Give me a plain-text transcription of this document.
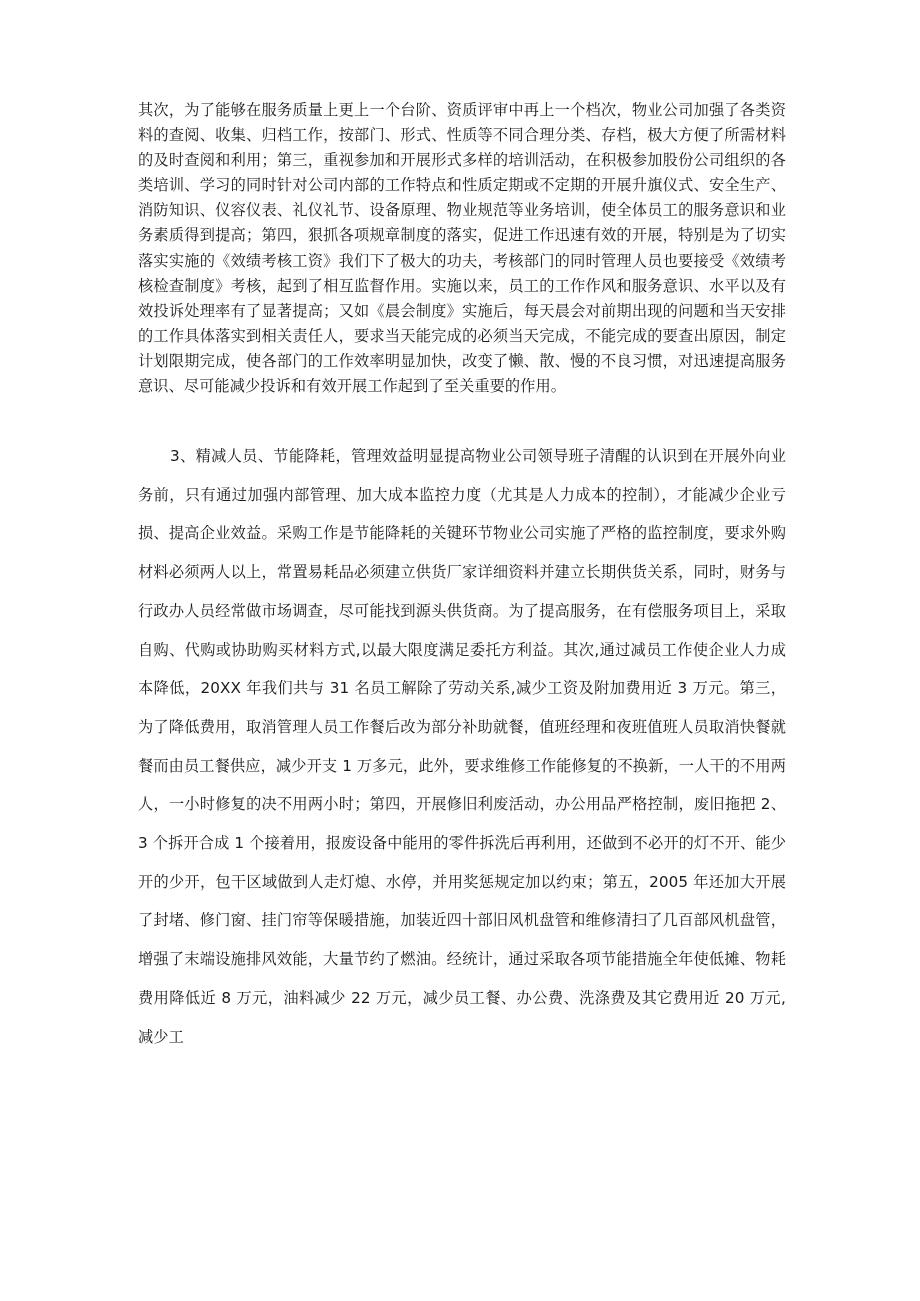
其次，为了能够在服务质量上更上一个台阶、资质评审中再上一个档次，物业公司加强了各类资料的查阅、收集、归档工作，按部门、形式、性质等不同合理分类、存档，极大方便了所需材料的及时查阅和利用；第三，重视参加和开展形式多样的培训活动，在积极参加股份公司组织的各类培训、学习的同时针对公司内部的工作特点和性质定期或不定期的开展升旗仪式、安全生产、消防知识、仪容仪表、礼仪礼节、设备原理、物业规范等业务培训，使全体员工的服务意识和业务素质得到提高；第四，狠抓各项规章制度的落实，促进工作迅速有效的开展，特别是为了切实落实实施的《效绩考核工资》我们下了极大的功夫，考核部门的同时管理人员也要接受《效绩考核检查制度》考核，起到了相互监督作用。实施以来，员工的工作作风和服务意识、水平以及有效投诉处理率有了显著提高；又如《晨会制度》实施后，每天晨会对前期出现的问题和当天安排的工作具体落实到相关责任人，要求当天能完成的必须当天完成，不能完成的要查出原因，制定计划限期完成，使各部门的工作效率明显加快，改变了懒、散、慢的不良习惯，对迅速提高服务意识、尽可能减少投诉和有效开展工作起到了至关重要的作用。

3、精减人员、节能降耗，管理效益明显提高物业公司领导班子清醒的认识到在开展外向业务前，只有通过加强内部管理、加大成本监控力度（尤其是人力成本的控制），才能减少企业亏损、提高企业效益。采购工作是节能降耗的关键环节物业公司实施了严格的监控制度，要求外购材料必须两人以上，常置易耗品必须建立供货厂家详细资料并建立长期供货关系，同时，财务与行政办人员经常做市场调查，尽可能找到源头供货商。为了提高服务，在有偿服务项目上，采取自购、代购或协助购买材料方式,以最大限度满足委托方利益。其次,通过减员工作使企业人力成本降低，20XX 年我们共与 31 名员工解除了劳动关系,减少工资及附加费用近 3 万元。第三，为了降低费用，取消管理人员工作餐后改为部分补助就餐，值班经理和夜班值班人员取消快餐就餐而由员工餐供应，减少开支 1 万多元，此外，要求维修工作能修复的不换新，一人干的不用两人，一小时修复的决不用两小时；第四，开展修旧利废活动，办公用品严格控制，废旧拖把 2、3 个拆开合成 1 个接着用，报废设备中能用的零件拆洗后再利用，还做到不必开的灯不开、能少开的少开，包干区域做到人走灯熄、水停，并用奖惩规定加以约束；第五，2005 年还加大开展了封堵、修门窗、挂门帘等保暖措施，加装近四十部旧风机盘管和维修清扫了几百部风机盘管，增强了末端设施排风效能，大量节约了燃油。经统计，通过采取各项节能措施全年使低摊、物耗费用降低近 8 万元，油料减少 22 万元，减少员工餐、办公费、洗涤费及其它费用近 20 万元,减少工
